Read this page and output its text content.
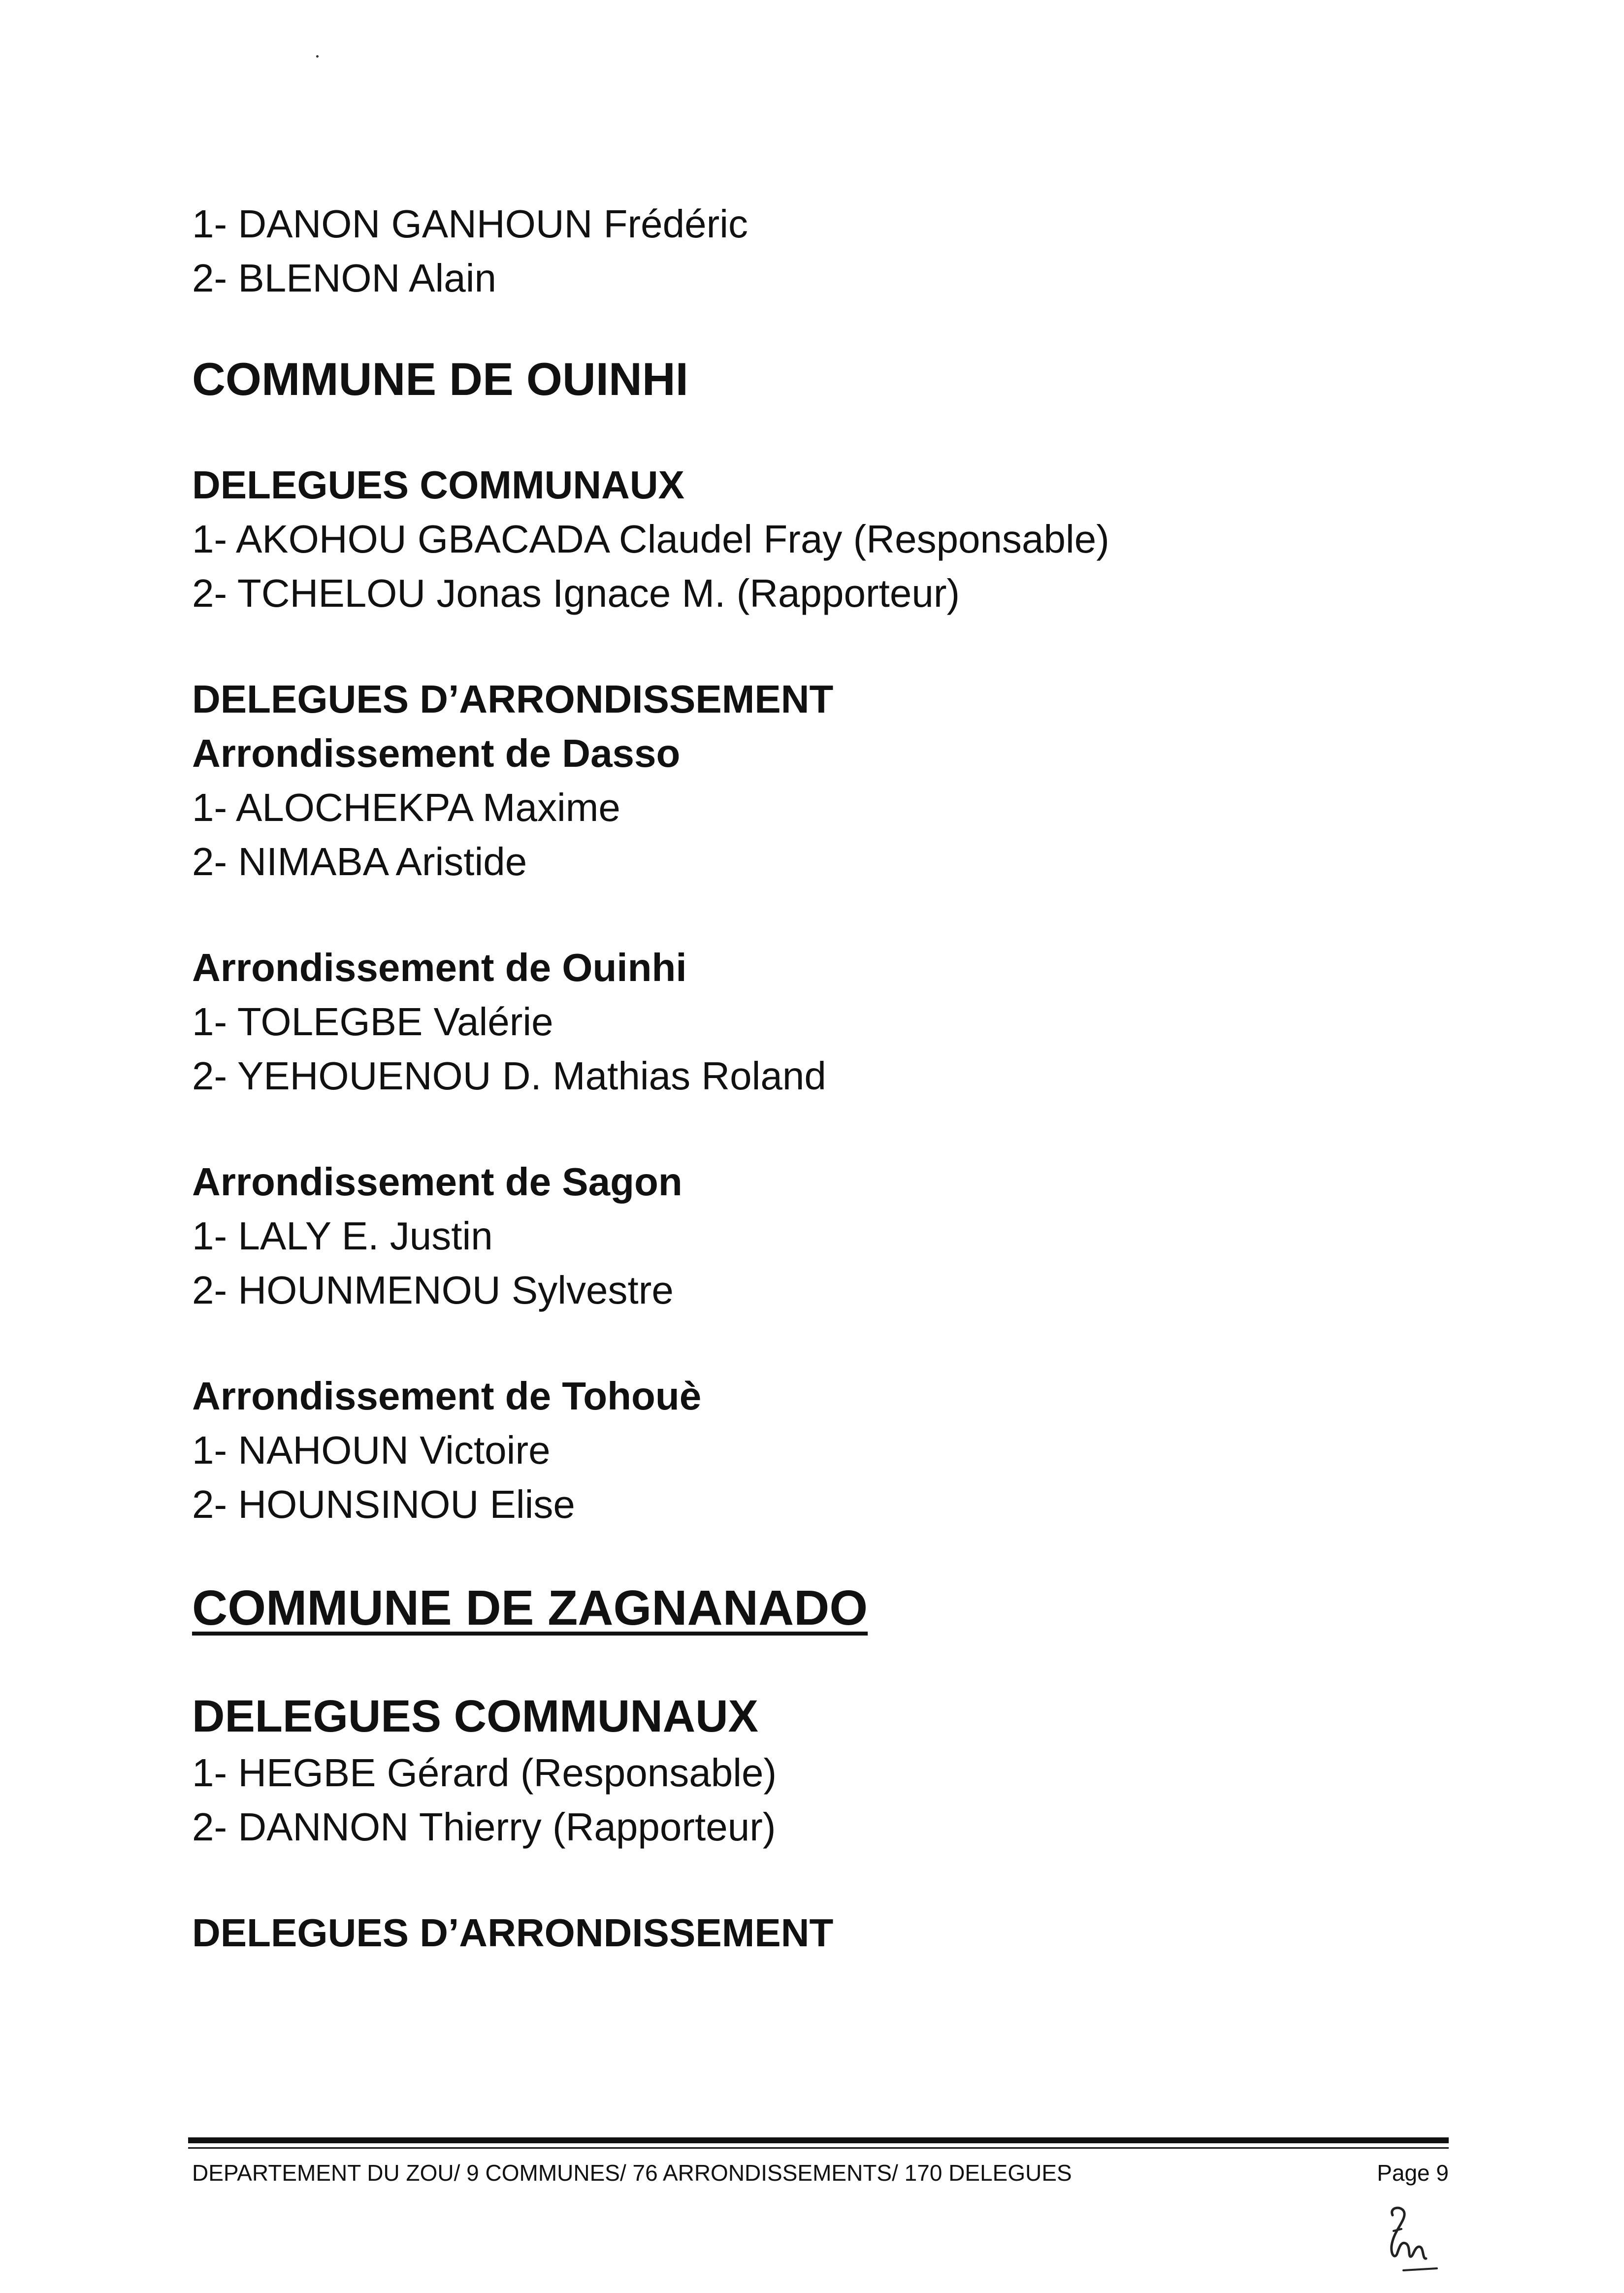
1- DANON GANHOUN Frédéric
2- BLENON Alain
COMMUNE DE OUINHI
DELEGUES COMMUNAUX
1- AKOHOU GBACADA Claudel Fray (Responsable)
2- TCHELOU Jonas Ignace M. (Rapporteur)
DELEGUES D’ARRONDISSEMENT
Arrondissement de Dasso
1- ALOCHEKPA Maxime
2- NIMABA Aristide
Arrondissement de Ouinhi
1- TOLEGBE Valérie
2- YEHOUENOU D. Mathias Roland
Arrondissement de Sagon
1- LALY E. Justin
2- HOUNMENOU Sylvestre
Arrondissement de Tohouè
1- NAHOUN Victoire
2- HOUNSINOU Elise
COMMUNE DE ZAGNANADO
DELEGUES COMMUNAUX
1- HEGBE Gérard (Responsable)
2- DANNON Thierry (Rapporteur)
DELEGUES D’ARRONDISSEMENT
DEPARTEMENT DU ZOU/ 9 COMMUNES/ 76 ARRONDISSEMENTS/ 170 DELEGUES	Page 9
